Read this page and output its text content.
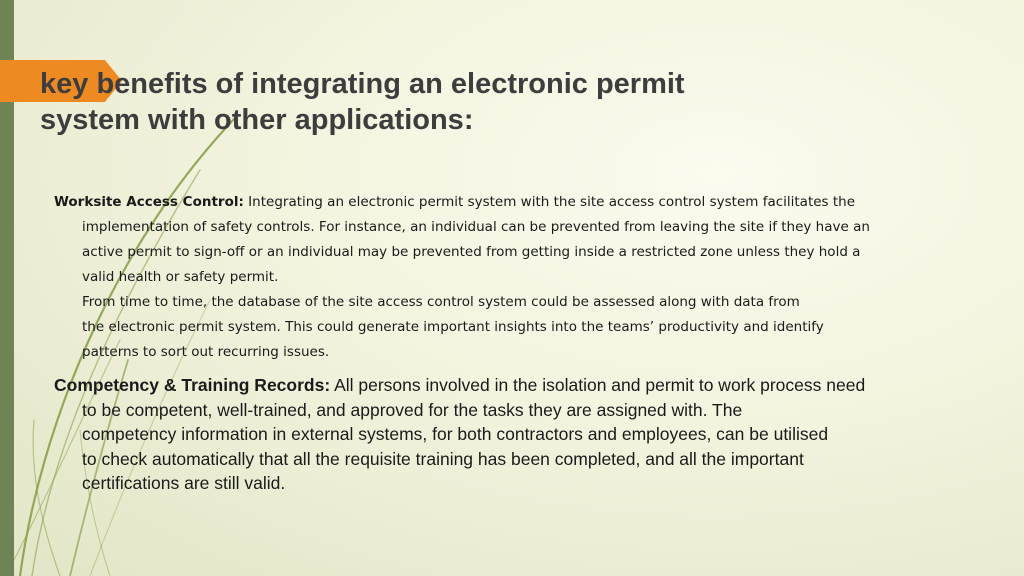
key benefits of integrating an electronic permit
system with other applications:
Worksite Access Control: Integrating an electronic permit system with the site access control system facilitates the
implementation of safety controls. For instance, an individual can be prevented from leaving the site if they have an
active permit to sign-off or an individual may be prevented from getting inside a restricted zone unless they hold a
valid health or safety permit.
From time to time, the database of the site access control system could be assessed along with data from
the electronic permit system. This could generate important insights into the teams’ productivity and identify
patterns to sort out recurring issues.
Competency & Training Records: All persons involved in the isolation and permit to work process need
to be competent, well-trained, and approved for the tasks they are assigned with. The
competency information in external systems, for both contractors and employees, can be utilised
to check automatically that all the requisite training has been completed, and all the important
certifications are still valid.
